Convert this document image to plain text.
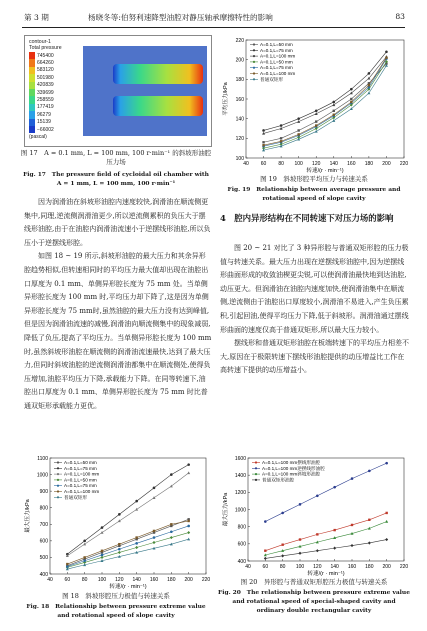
第 3 期	杨晓冬等:伯努利速降型油腔对静压轴承摩擦特性的影响	83
contour-1
Total pressure
745400
664260
583120
501980
420839
339699
258559
177419
96279
15139
−66002
(pascal)
图 17　A = 0.1 mm, L = 100 mm, 100 r·min⁻¹ 的斜坡形油腔压力场
Fig. 17　The pressure field of cycloidal oil chamber with A = 1 mm, L = 100 mm, 100 r·min⁻¹
40 60 80 100 120 140 160 180 200 220
100
120
140
160
180
200
220
转速/(r · min⁻¹)
平均压力/kPa
A=0.1,L=50 mm
A=0.1,L=75 mm
A=0.1,L=100 mm
A=0.1,L=50 mm
A=0.1,L=75 mm
A=0.1,L=100 mm
普通双矩形
图 19　斜坡形腔平均压力与转速关系
Fig. 19　Relationship between average pressure and rotational speed of slope cavity

因为润滑油在斜坡形油腔内速度较快,润滑油在顺流侧更集中,同理,逆流侧润滑油更少,所以逆流侧累积的负压大于摆线形油腔,由于在油腔内润滑油流速小于逆摆线形油腔,所以负压小于逆摆线形腔。

如图 18 ~ 19 所示,斜坡形油腔的最大压力和其余异形腔趋势相似,但转速相同时的平均压力最大值却出现在油腔出口厚度为 0.1 mm、单侧异形腔长度为 75 mm 处。当单侧异形腔长度为 100 mm 时,平均压力却下降了,这是因为单侧异形腔长度为 75 mm时,虽然油腔的最大压力没有达到峰值,但是因为润滑油流速的减慢,润滑油向顺流侧集中的现象减弱,降低了负压,提高了平均压力。当单侧异形腔长度为 100 mm 时,虽然斜坡形油腔在顺流侧的润滑油流速最快,达到了最大压力,但同时斜坡油腔的逆流侧润滑油都集中在顺流侧处,使得负压增加,油腔平均压力下降,承载能力下降。在同等转速下,油腔出口厚度为 0.1 mm、单侧异形腔长度为 75 mm 时比普通双矩形承载能力更优。

4　腔内异形结构在不同转速下对压力场的影响

图 20 ~ 21 对比了 3 种异形腔与普通双矩形腔的压力极值与转速关系。最大压力出现在逆摆线形油腔中,因为逆摆线形曲面形成的收敛油楔更尖锐,可以使润滑油最快地到达油腔,动压更大。但润滑油在油腔内速度加快,使润滑油集中在顺流侧,逆流侧由于油腔出口厚度较小,润滑油不易进入,产生负压累积,引起回油,使得平均压力下降,低于斜坡形。润滑油通过摆线形曲面的速度仅高于普通双矩形,所以最大压力较小。

摆线形和普通双矩形油腔在板端转速下的平均压力相差不大,原因在于极限转速下摆线形油腔提供的动压增益比工作在高转速下提供的动压增益小。

40 60 80 100 120 140 160 180 200 220
400
500
600
700
800
900
1000
1100
转速/(r · min⁻¹)
最大压力/kPa
A=0.1,L=50 mm
A=0.1,L=75 mm
A=0.1,L=100 mm
A=0.1,L=50 mm
A=0.1,L=75 mm
A=0.1,L=100 mm
普通双矩形
图 18　斜坡形腔压力极值与转速关系
Fig. 18　Relationship between pressure extreme value and rotational speed of slope cavity
40 60 80 100 120 140 160 180 200 220
400
600
800
1000
1200
1400
1600
转速/(r · min⁻¹)
最大压力/kPa
A=0.1,L=100 mm摆线形油腔
A=0.1,L=100 mm逆摆线形油腔
A=0.1,L=100 mm斜坡形油腔
普通双矩形油腔
图 20　异形腔与普通双矩形腔压力极值与转速关系
Fig. 20　The relationship between pressure extreme value and rotational speed of special-shaped cavity and ordinary double rectangular cavity
